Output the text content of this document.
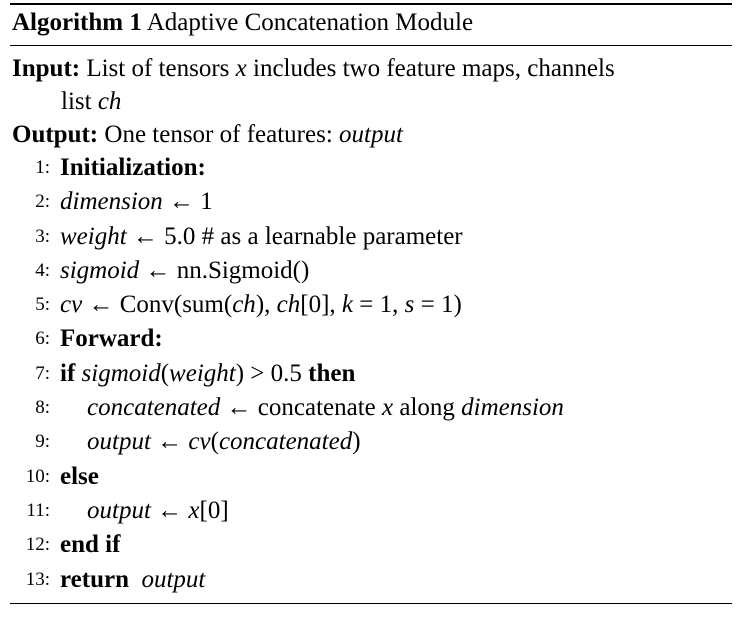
Algorithm 1 Adaptive Concatenation Module
Input: List of tensors x includes two feature maps, channels
list ch
Output: One tensor of features: output
1: Initialization:
2: dimension ← 1
3: weight ← 5.0 # as a learnable parameter
4: sigmoid ← nn.Sigmoid()
5: cv ← Conv(sum(ch), ch[0], k = 1, s = 1)
6: Forward:
7: if sigmoid(weight) > 0.5 then
8: concatenated ← concatenate x along dimension
9: output ← cv(concatenated)
10: else
11: output ← x[0]
12: end if
13: return output
